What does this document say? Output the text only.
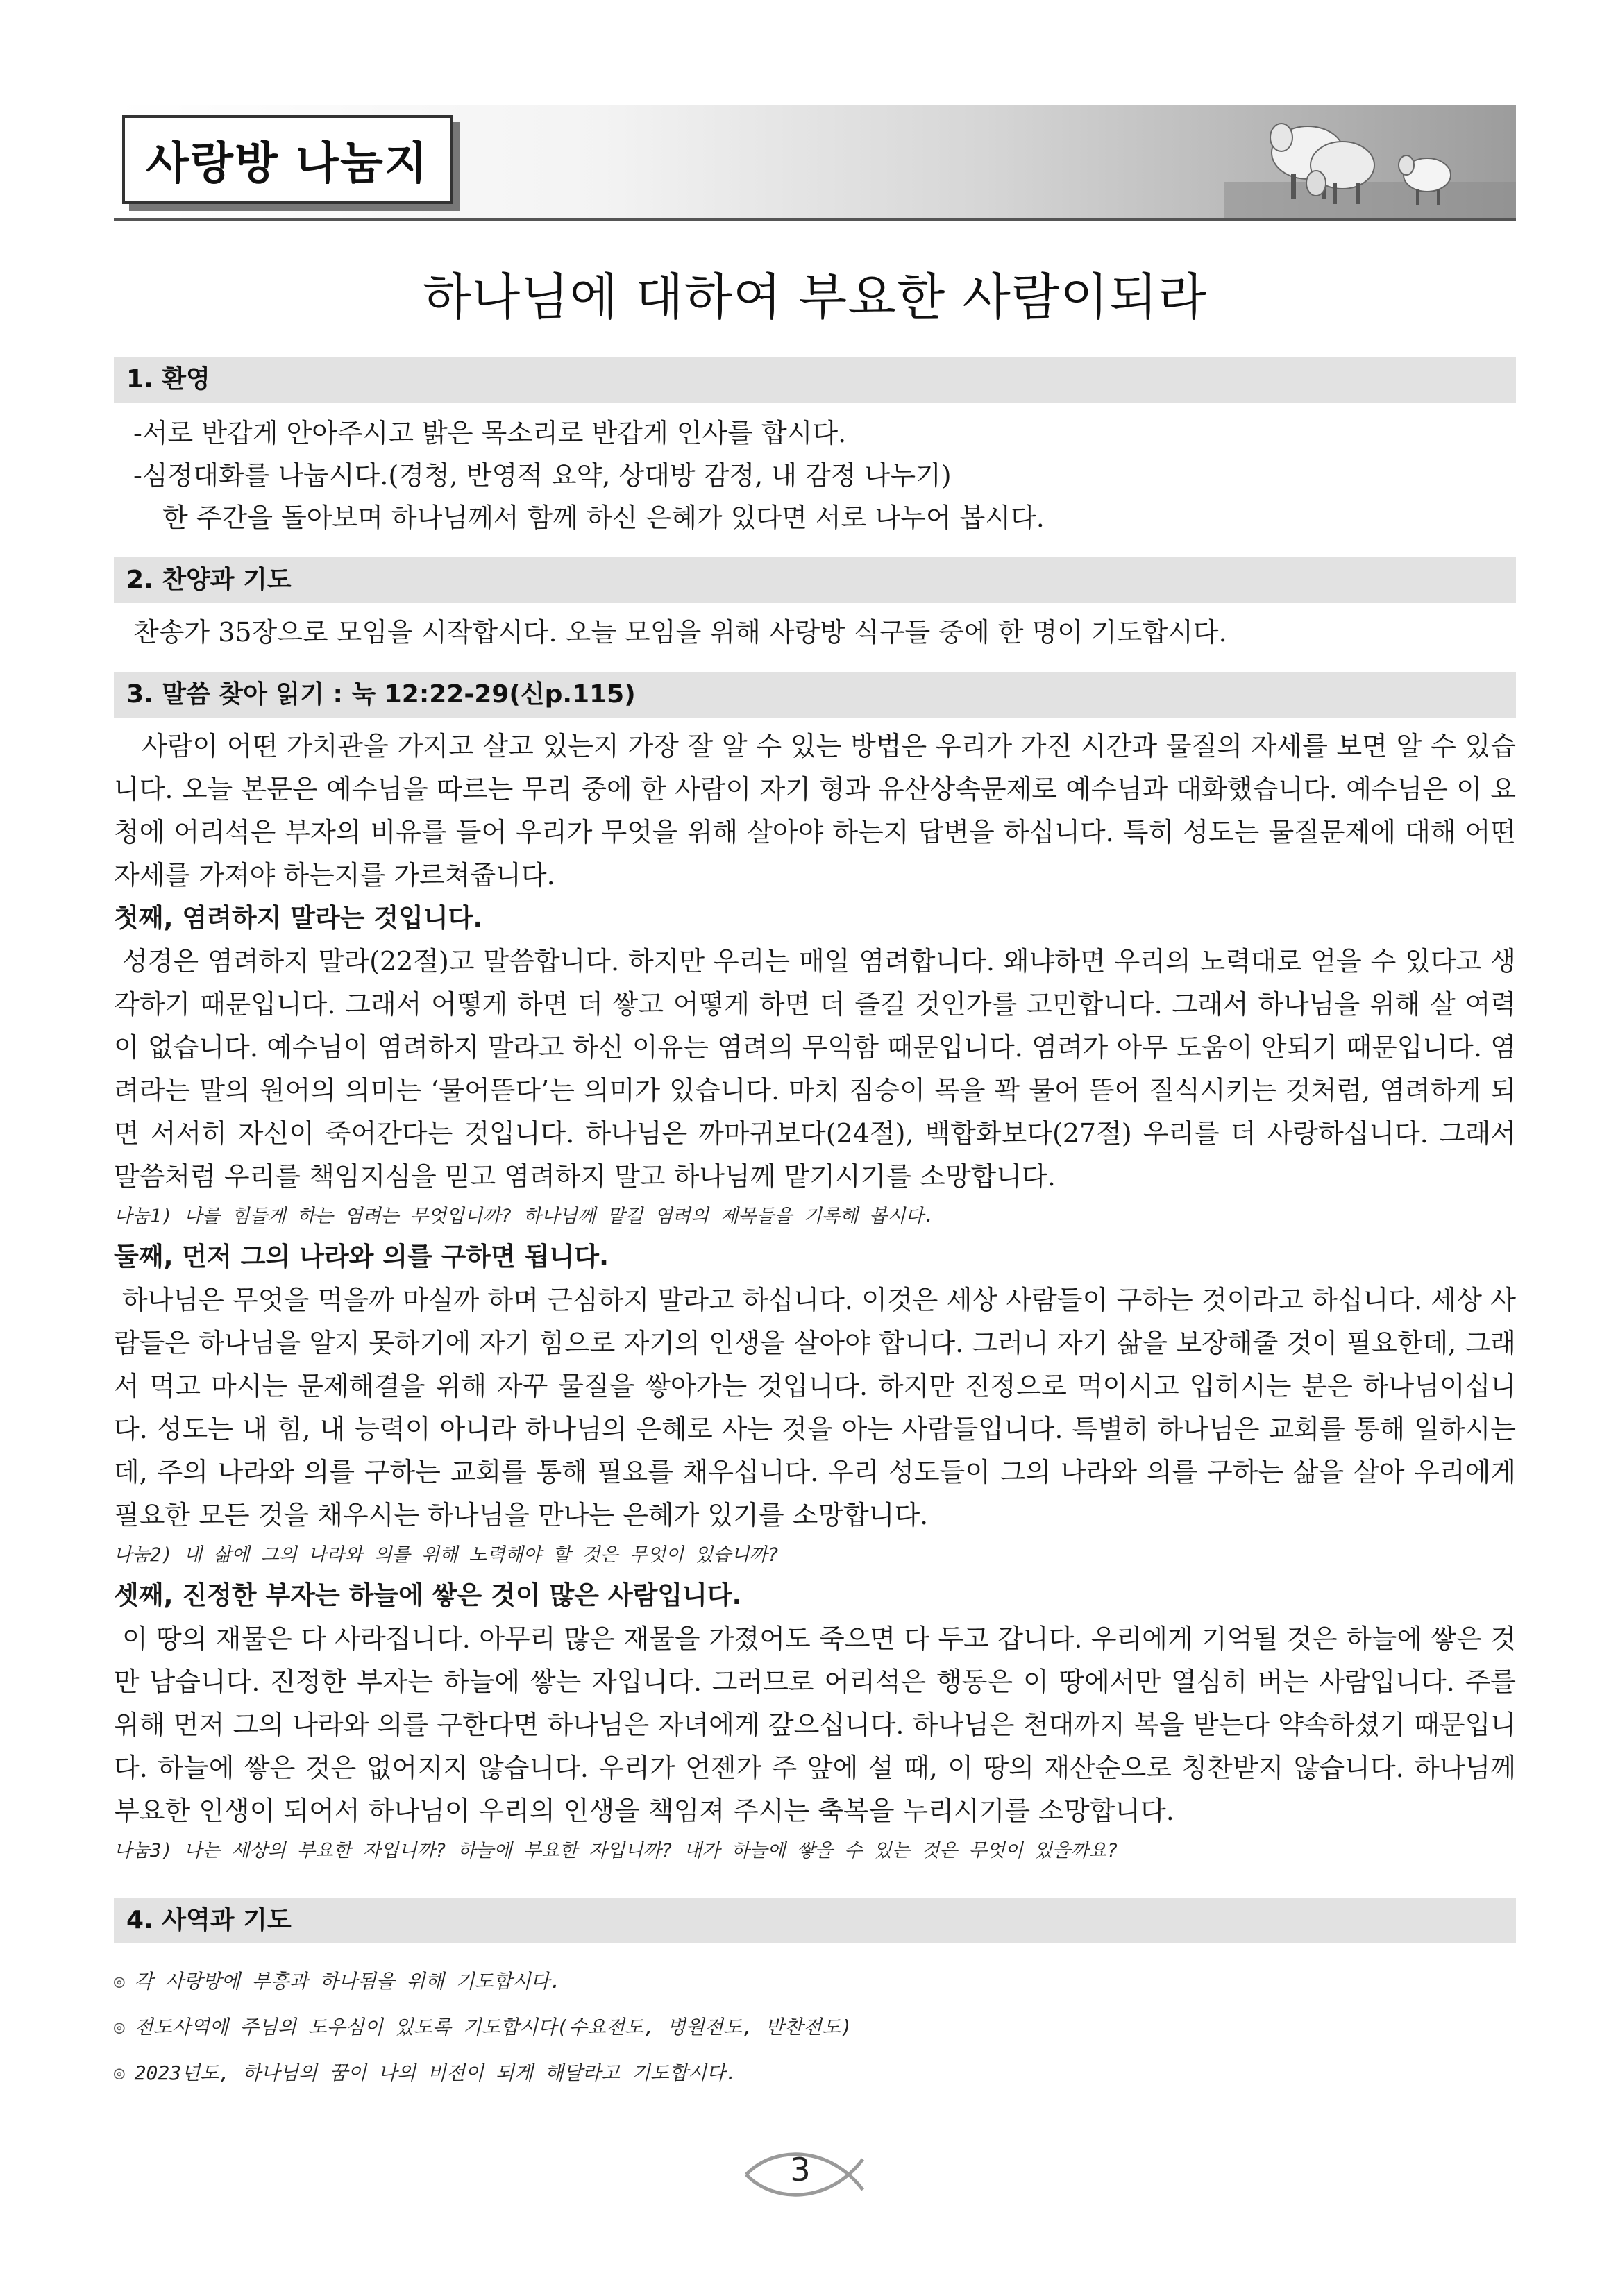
사랑방 나눔지
하나님에 대하여 부요한 사람이되라
1. 환영
-서로 반갑게 안아주시고 밝은 목소리로 반갑게 인사를 합시다.
-심정대화를 나눕시다.(경청, 반영적 요약, 상대방 감정, 내 감정 나누기)
한 주간을 돌아보며 하나님께서 함께 하신 은혜가 있다면 서로 나누어 봅시다.
2. 찬양과 기도
찬송가 35장으로 모임을 시작합시다. 오늘 모임을 위해 사랑방 식구들 중에 한 명이 기도합시다.
3. 말씀 찾아 읽기 : 눅 12:22-29(신p.115)

사람이 어떤 가치관을 가지고 살고 있는지 가장 잘 알 수 있는 방법은 우리가 가진 시간과 물질의 자세를 보면 알 수 있습니다. 오늘 본문은 예수님을 따르는 무리 중에 한 사람이 자기 형과 유산상속문제로 예수님과 대화했습니다. 예수님은 이 요청에 어리석은 부자의 비유를 들어 우리가 무엇을 위해 살아야 하는지 답변을 하십니다. 특히 성도는 물질문제에 대해 어떤 자세를 가져야 하는지를 가르쳐줍니다.

첫째, 염려하지 말라는 것입니다.

성경은 염려하지 말라(22절)고 말씀합니다. 하지만 우리는 매일 염려합니다. 왜냐하면 우리의 노력대로 얻을 수 있다고 생각하기 때문입니다. 그래서 어떻게 하면 더 쌓고 어떻게 하면 더 즐길 것인가를 고민합니다. 그래서 하나님을 위해 살 여력이 없습니다. 예수님이 염려하지 말라고 하신 이유는 염려의 무익함 때문입니다. 염려가 아무 도움이 안되기 때문입니다. 염려라는 말의 원어의 의미는 ‘물어뜯다’는 의미가 있습니다. 마치 짐승이 목을 꽉 물어 뜯어 질식시키는 것처럼, 염려하게 되면 서서히 자신이 죽어간다는 것입니다. 하나님은 까마귀보다(24절), 백합화보다(27절) 우리를 더 사랑하십니다. 그래서 말씀처럼 우리를 책임지심을 믿고 염려하지 말고 하나님께 맡기시기를 소망합니다.

나눔1) 나를 힘들게 하는 염려는 무엇입니까? 하나님께 맡길 염려의 제목들을 기록해 봅시다.
둘째, 먼저 그의 나라와 의를 구하면 됩니다.

하나님은 무엇을 먹을까 마실까 하며 근심하지 말라고 하십니다. 이것은 세상 사람들이 구하는 것이라고 하십니다. 세상 사람들은 하나님을 알지 못하기에 자기 힘으로 자기의 인생을 살아야 합니다. 그러니 자기 삶을 보장해줄 것이 필요한데, 그래서 먹고 마시는 문제해결을 위해 자꾸 물질을 쌓아가는 것입니다. 하지만 진정으로 먹이시고 입히시는 분은 하나님이십니다. 성도는 내 힘, 내 능력이 아니라 하나님의 은혜로 사는 것을 아는 사람들입니다. 특별히 하나님은 교회를 통해 일하시는데, 주의 나라와 의를 구하는 교회를 통해 필요를 채우십니다. 우리 성도들이 그의 나라와 의를 구하는 삶을 살아 우리에게 필요한 모든 것을 채우시는 하나님을 만나는 은혜가 있기를 소망합니다.

나눔2) 내 삶에 그의 나라와 의를 위해 노력해야 할 것은 무엇이 있습니까?
셋째, 진정한 부자는 하늘에 쌓은 것이 많은 사람입니다.

이 땅의 재물은 다 사라집니다. 아무리 많은 재물을 가졌어도 죽으면 다 두고 갑니다. 우리에게 기억될 것은 하늘에 쌓은 것만 남습니다. 진정한 부자는 하늘에 쌓는 자입니다. 그러므로 어리석은 행동은 이 땅에서만 열심히 버는 사람입니다. 주를 위해 먼저 그의 나라와 의를 구한다면 하나님은 자녀에게 갚으십니다. 하나님은 천대까지 복을 받는다 약속하셨기 때문입니다. 하늘에 쌓은 것은 없어지지 않습니다. 우리가 언젠가 주 앞에 설 때, 이 땅의 재산순으로 칭찬받지 않습니다. 하나님께 부요한 인생이 되어서 하나님이 우리의 인생을 책임져 주시는 축복을 누리시기를 소망합니다.

나눔3) 나는 세상의 부요한 자입니까? 하늘에 부요한 자입니까? 내가 하늘에 쌓을 수 있는 것은 무엇이 있을까요?
4. 사역과 기도
◎ 각 사랑방에 부흥과 하나됨을 위해 기도합시다.
◎ 전도사역에 주님의 도우심이 있도록 기도합시다(수요전도, 병원전도, 반찬전도)
◎ 2023년도, 하나님의 꿈이 나의 비전이 되게 해달라고 기도합시다.
3
